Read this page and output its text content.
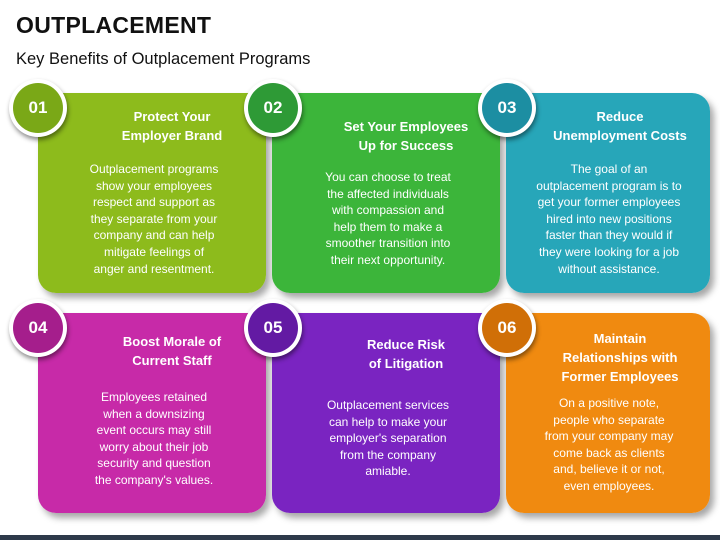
OUTPLACEMENT

Key Benefits of Outplacement Programs

Protect Your
Employer Brand
Outplacement programs
show your employees
respect and support as
they separate from your
company and can help
mitigate feelings of
anger and resentment.
01
Set Your Employees
Up for Success
You can choose to treat
the affected individuals
with compassion and
help them to make a
smoother transition into
their next opportunity.
02	Reduce
Unemployment Costs
The goal of an
outplacement program is to
get your former employees
hired into new positions
faster than they would if
they were looking for a job
without assistance.
03
Boost Morale of
Current Staff
Employees retained
when a downsizing
event occurs may still
worry about their job
security and question
the company's values.
04
Reduce Risk
of Litigation
Outplacement services
can help to make your
employer's separation
from the company
amiable.
05
Maintain
Relationships with
Former Employees
On a positive note,
people who separate
from your company may
come back as clients
and, believe it or not,
even employees.
06
